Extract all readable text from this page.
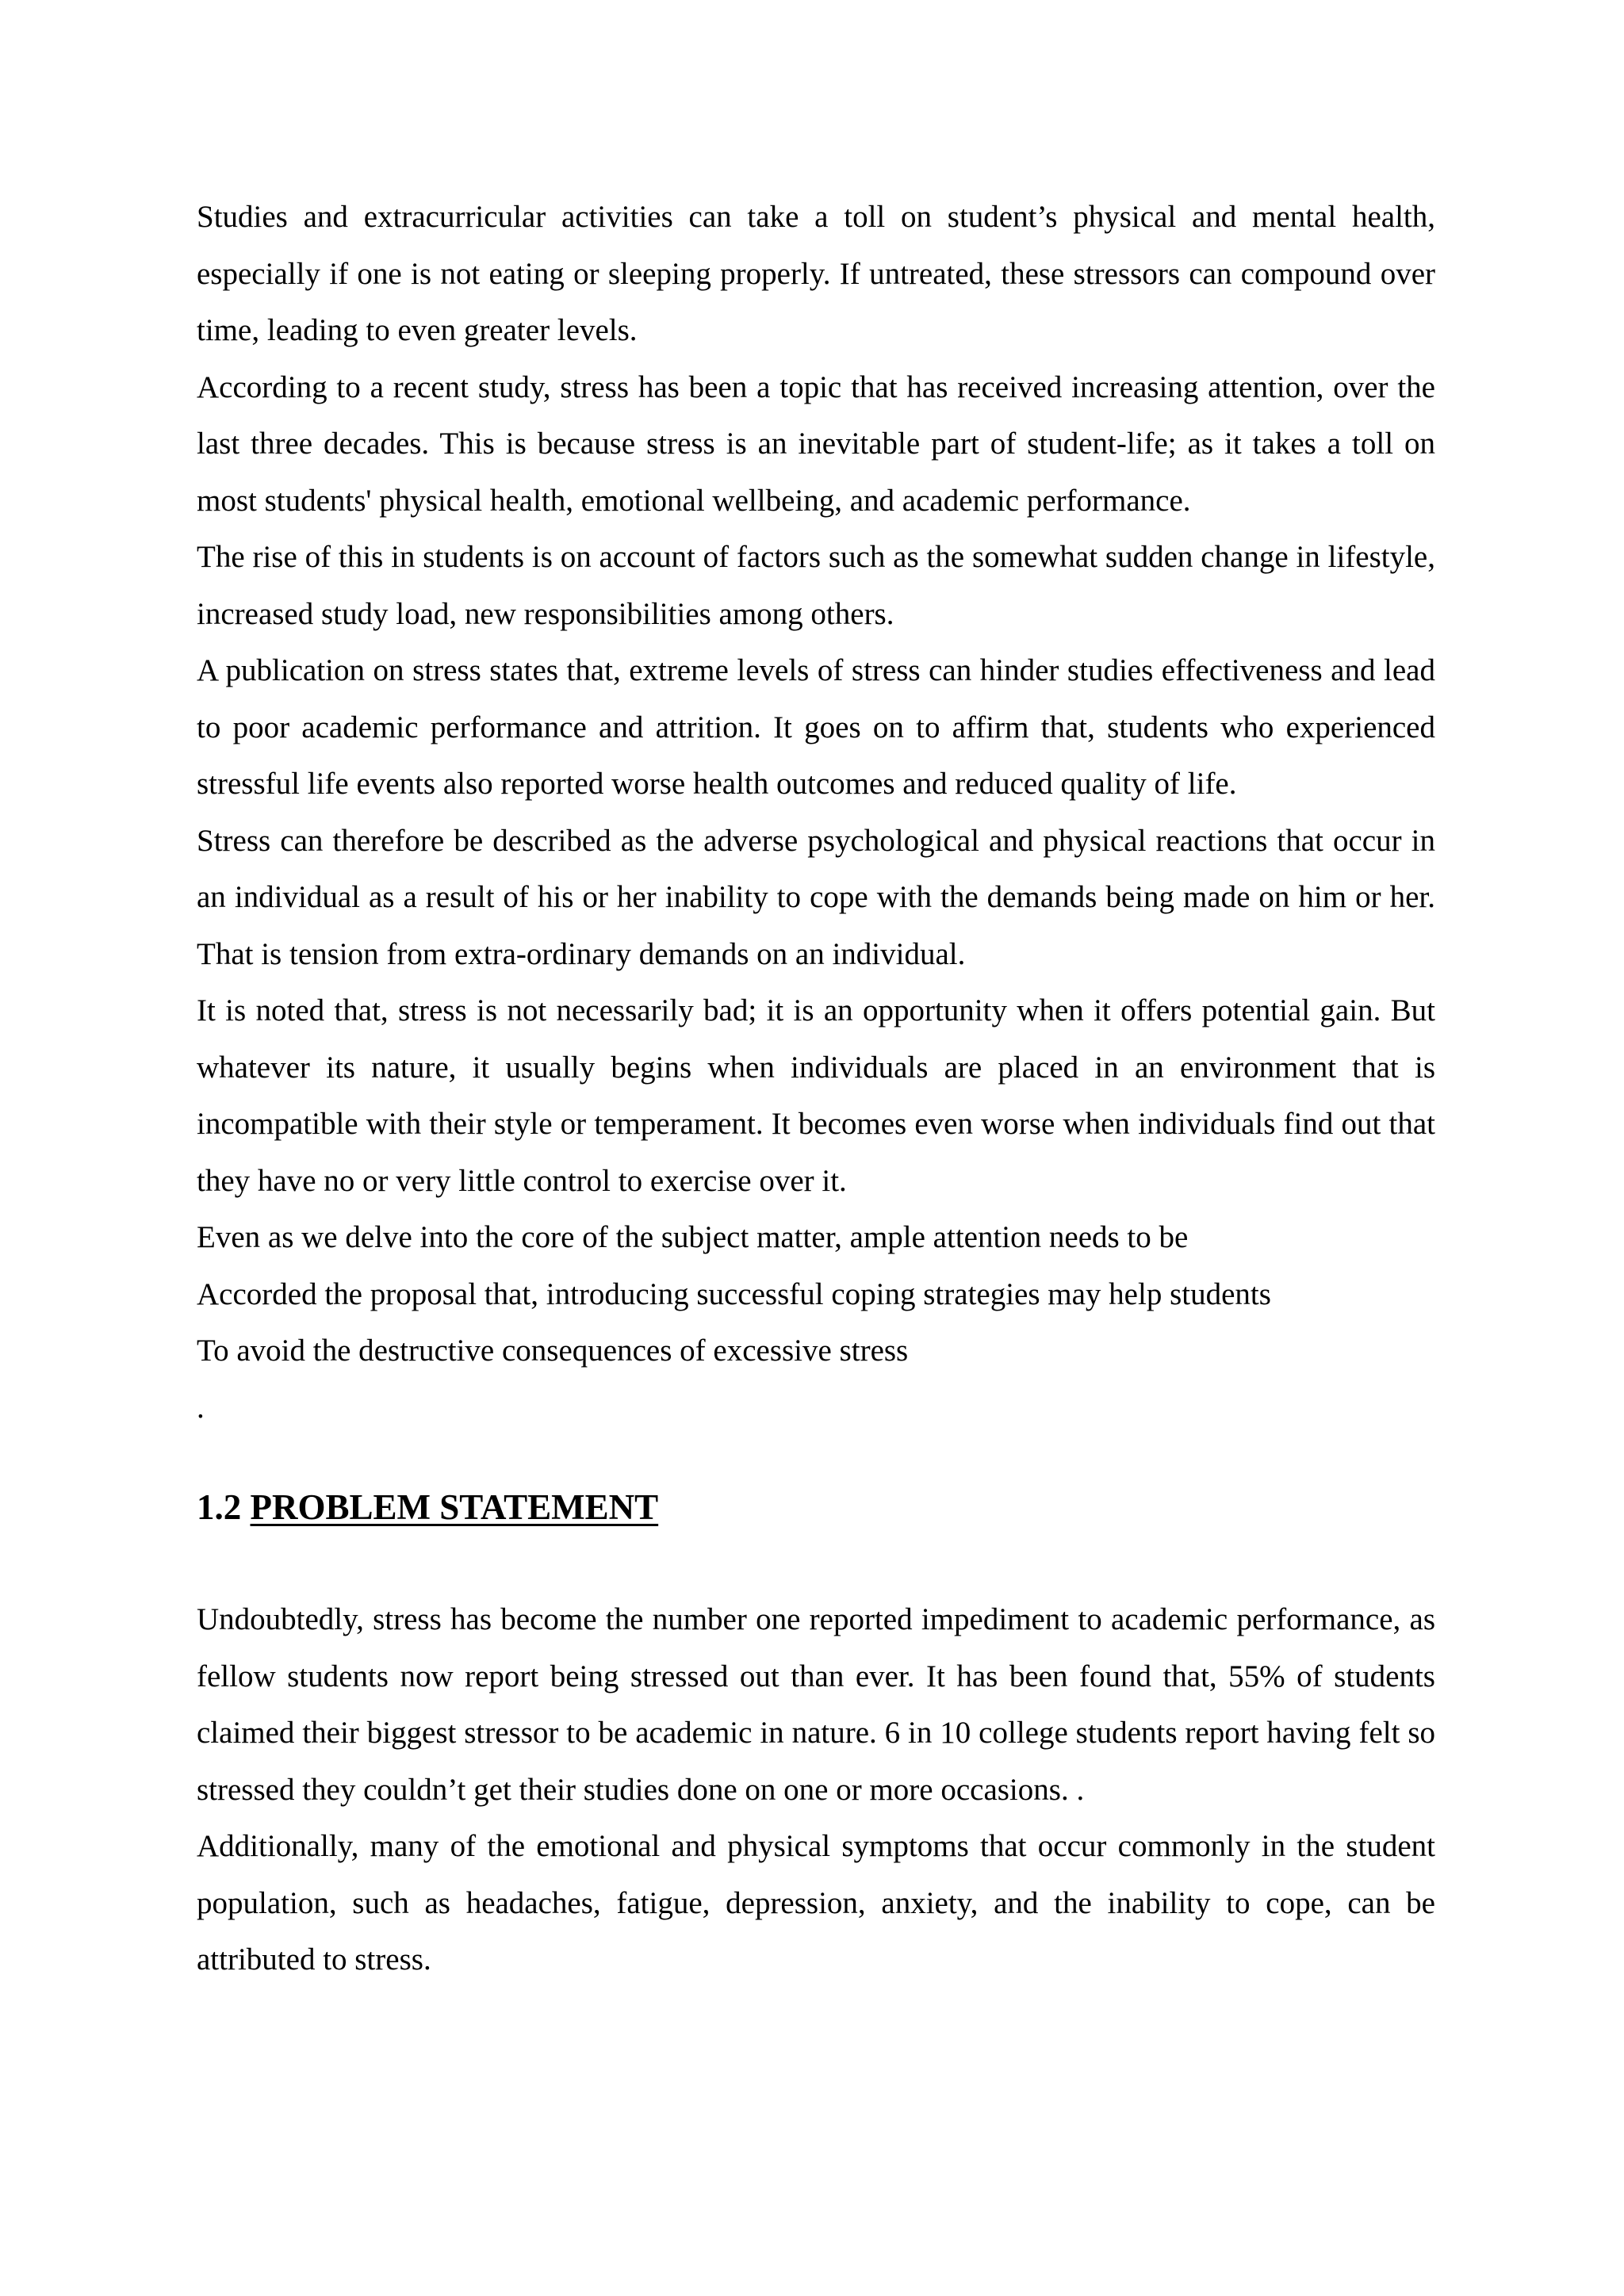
Studies and extracurricular activities can take a toll on student’s physical and mental health, especially if one is not eating or sleeping properly. If untreated, these stressors can compound over time, leading to even greater levels.

According to a recent study, stress has been a topic that has received increasing attention, over the last three decades. This is because stress is an inevitable part of student-life; as it takes a toll on most students' physical health, emotional wellbeing, and academic performance.

The rise of this in students is on account of factors such as the somewhat sudden change in lifestyle, increased study load, new responsibilities among others.

A publication on stress states that, extreme levels of stress can hinder studies effectiveness and lead to poor academic performance and attrition. It goes on to affirm that, students who experienced stressful life events also reported worse health outcomes and reduced quality of life.

Stress can therefore be described as the adverse psychological and physical reactions that occur in an individual as a result of his or her inability to cope with the demands being made on him or her. That is tension from extra-ordinary demands on an individual.

It is noted that, stress is not necessarily bad; it is an opportunity when it offers potential gain. But whatever its nature, it usually begins when individuals are placed in an environment that is incompatible with their style or temperament. It becomes even worse when individuals find out that they have no or very little control to exercise over it.

Even as we delve into the core of the subject matter, ample attention needs to be

Accorded the proposal that, introducing successful coping strategies may help students

To avoid the destructive consequences of excessive stress

.

1.2 PROBLEM STATEMENT

Undoubtedly, stress has become the number one reported impediment to academic performance, as fellow students now report being stressed out than ever. It has been found that, 55% of students claimed their biggest stressor to be academic in nature. 6 in 10 college students report having felt so stressed they couldn’t get their studies done on one or more occasions. .

Additionally, many of the emotional and physical symptoms that occur commonly in the student population, such as headaches, fatigue, depression, anxiety, and the inability to cope, can be attributed to stress.
